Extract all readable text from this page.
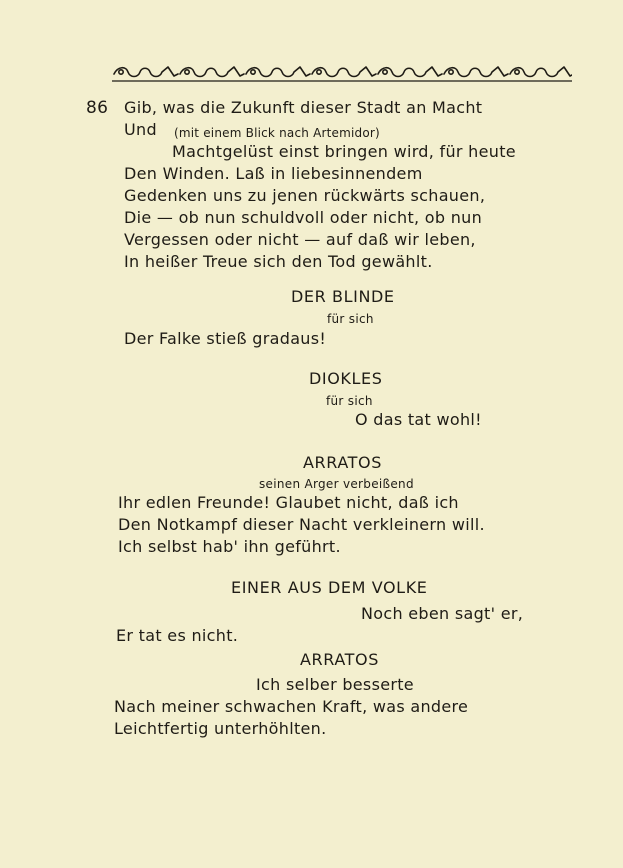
86 Gib, was die Zukunft dieser Stadt an Macht
Und (mit einem Blick nach Artemidor)
Machtgelüst einst bringen wird, für heute
Den Winden. Laß in liebesinnendem
Gedenken uns zu jenen rückwärts schauen,
Die — ob nun schuldvoll oder nicht, ob nun
Vergessen oder nicht — auf daß wir leben,
In heißer Treue sich den Tod gewählt.
DER BLINDE
für sich
Der Falke stieß gradaus!
DIOKLES
für sich
O das tat wohl!
ARRATOS
seinen Arger verbeißend
Ihr edlen Freunde! Glaubet nicht, daß ich
Den Notkampf dieser Nacht verkleinern will.
Ich selbst hab' ihn geführt.
EINER AUS DEM VOLKE
Noch eben sagt' er,
Er tat es nicht.
ARRATOS
Ich selber besserte
Nach meiner schwachen Kraft, was andere
Leichtfertig unterhöhlten.
